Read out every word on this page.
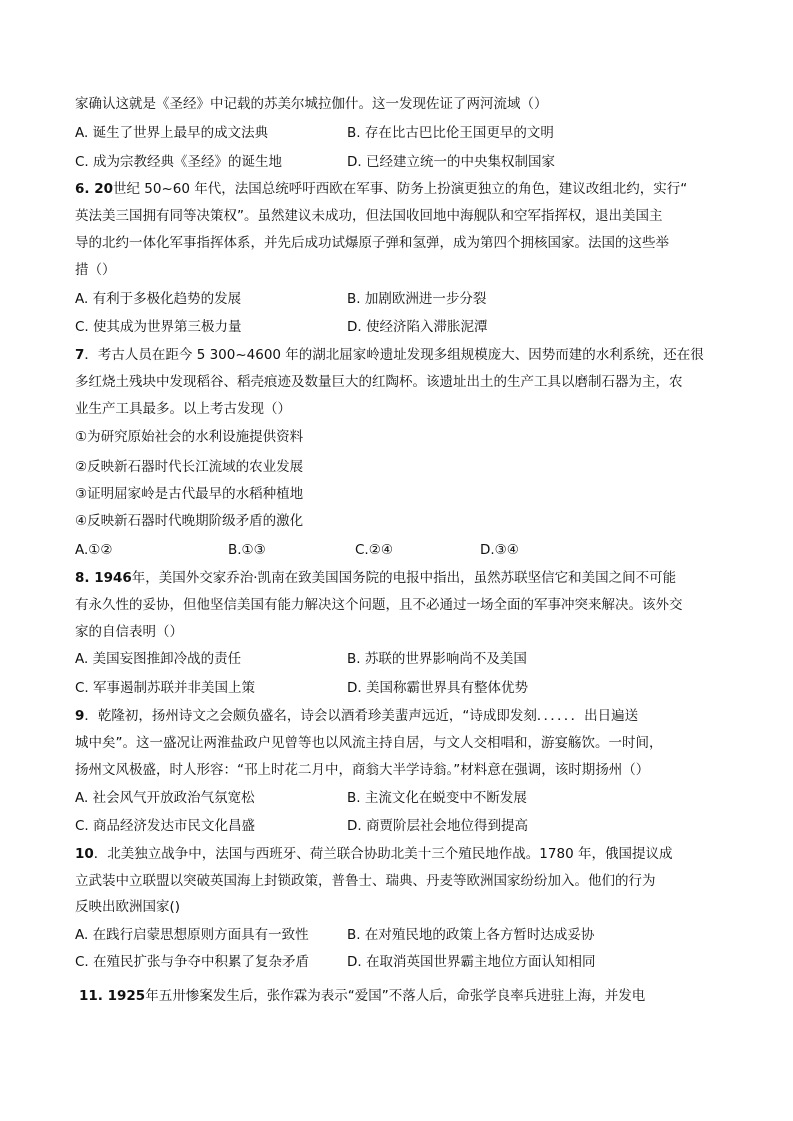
家确认这就是《圣经》中记载的苏美尔城拉伽什。这一发现佐证了两河流域（）
A. 诞生了世界上最早的成文法典	B. 存在比古巴比伦王国更早的文明
C. 成为宗教经典《圣经》的诞生地	D. 已经建立统一的中央集权制国家
6. 20世纪 50~60 年代，法国总统呼吁西欧在军事、防务上扮演更独立的角色，建议改组北约，实行“
英法美三国拥有同等决策权”。虽然建议未成功，但法国收回地中海舰队和空军指挥权，退出美国主
导的北约一体化军事指挥体系，并先后成功试爆原子弹和氢弹，成为第四个拥核国家。法国的这些举
措（）
A. 有利于多极化趋势的发展	B. 加剧欧洲进一步分裂
C. 使其成为世界第三极力量	D. 使经济陷入滞胀泥潭
7．考古人员在距今 5 300~4600 年的湖北屈家岭遗址发现多组规模庞大、因势而建的水利系统，还在很
多红烧土残块中发现稻谷、稻壳痕迹及数量巨大的红陶杯。该遗址出土的生产工具以磨制石器为主，农
业生产工具最多。以上考古发现（）
①为研究原始社会的水利设施提供资料
②反映新石器时代长江流域的农业发展
③证明屈家岭是古代最早的水稻种植地
④反映新石器时代晚期阶级矛盾的激化
A.①②	B.①③	C.②④	D.③④
8. 1946年，美国外交家乔治·凯南在致美国国务院的电报中指出，虽然苏联坚信它和美国之间不可能
有永久性的妥协，但他坚信美国有能力解决这个问题，且不必通过一场全面的军事冲突来解决。该外交
家的自信表明（）
A. 美国妄图推卸冷战的责任	B. 苏联的世界影响尚不及美国
C. 军事遏制苏联并非美国上策	D. 美国称霸世界具有整体优势
9．乾隆初，扬州诗文之会颇负盛名，诗会以酒肴珍美蜚声远近，“诗成即发刻．．．．．．出日遍送
城中矣”。这一盛况让两淮盐政户见曾等也以风流主持自居，与文人交相唱和，游宴觞饮。一时间，
扬州文风极盛，时人形容：“邗上时花二月中，商翁大半学诗翁。”材料意在强调，该时期扬州（）
A. 社会风气开放政治气氛宽松	B. 主流文化在蜕变中不断发展
C. 商品经济发达市民文化昌盛	D. 商贾阶层社会地位得到提高
10．北美独立战争中，法国与西班牙、荷兰联合协助北美十三个殖民地作战。1780 年，俄国提议成
立武装中立联盟以突破英国海上封锁政策，普鲁士、瑞典、丹麦等欧洲国家纷纷加入。他们的行为
反映出欧洲国家()
A. 在践行启蒙思想原则方面具有一致性	B. 在对殖民地的政策上各方暂时达成妥协
C. 在殖民扩张与争夺中积累了复杂矛盾	D. 在取消英国世界霸主地位方面认知相同
11. 1925年五卅惨案发生后，张作霖为表示“爱国”不落人后，命张学良率兵进驻上海，并发电
